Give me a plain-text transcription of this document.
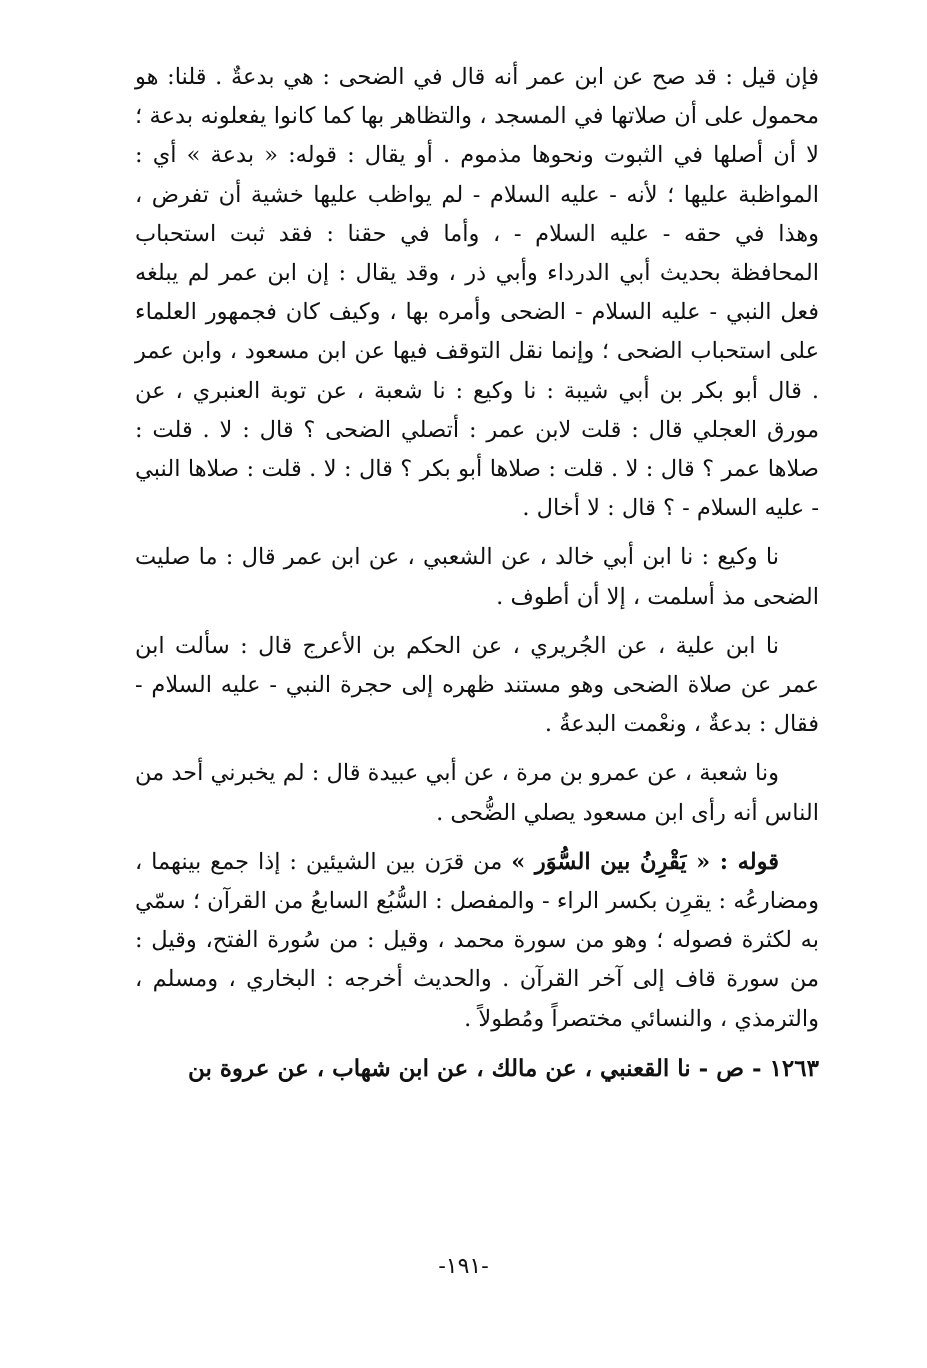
فإن قيل : قد صح عن ابن عمر أنه قال في الضحى : هي بدعةٌ . قلنا: هو محمول على أن صلاتها في المسجد ، والتظاهر بها كما كانوا يفعلونه بدعة ؛ لا أن أصلها في الثبوت ونحوها مذموم . أو يقال : قوله: « بدعة » أي : المواظبة عليها ؛ لأنه - عليه السلام - لم يواظب عليها خشية أن تفرض ، وهذا في حقه - عليه السلام - ، وأما في حقنا : فقد ثبت استحباب المحافظة بحديث أبي الدرداء وأبي ذر ، وقد يقال : إن ابن عمر لم يبلغه فعل النبي - عليه السلام - الضحى وأمره بها ، وكيف كان فجمهور العلماء على استحباب الضحى ؛ وإنما نقل التوقف فيها عن ابن مسعود ، وابن عمر . قال أبو بكر بن أبي شيبة : نا وكيع : نا شعبة ، عن توبة العنبري ، عن مورق العجلي قال : قلت لابن عمر : أتصلي الضحى ؟ قال : لا . قلت : صلاها عمر ؟ قال : لا . قلت : صلاها أبو بكر ؟ قال : لا . قلت : صلاها النبي - عليه السلام - ؟ قال : لا أخال .

نا وكيع : نا ابن أبي خالد ، عن الشعبي ، عن ابن عمر قال : ما صليت الضحى مذ أسلمت ، إلا أن أطوف .

نا ابن علية ، عن الجُريري ، عن الحكم بن الأعرج قال : سألت ابن عمر عن صلاة الضحى وهو مستند ظهره إلى حجرة النبي - عليه السلام - فقال : بدعةٌ ، ونعْمت البدعةُ .

ونا شعبة ، عن عمرو بن مرة ، عن أبي عبيدة قال : لم يخبرني أحد من الناس أنه رأى ابن مسعود يصلي الضُّحى .

قوله : « يَقْرِنُ بين السُّوَر » من قرَن بين الشيئين : إذا جمع بينهما ، ومضارعُه : يقرِن بكسر الراء - والمفصل : السُّبُع السابعُ من القرآن ؛ سمّي به لكثرة فصوله ؛ وهو من سورة محمد ، وقيل : من سُورة الفتح، وقيل : من سورة قاف إلى آخر القرآن . والحديث أخرجه : البخاري ، ومسلم ، والترمذي ، والنسائي مختصراً ومُطولاً .

١٢٦٣ - ص - نا القعنبي ، عن مالك ، عن ابن شهاب ، عن عروة بن

-١٩١-
